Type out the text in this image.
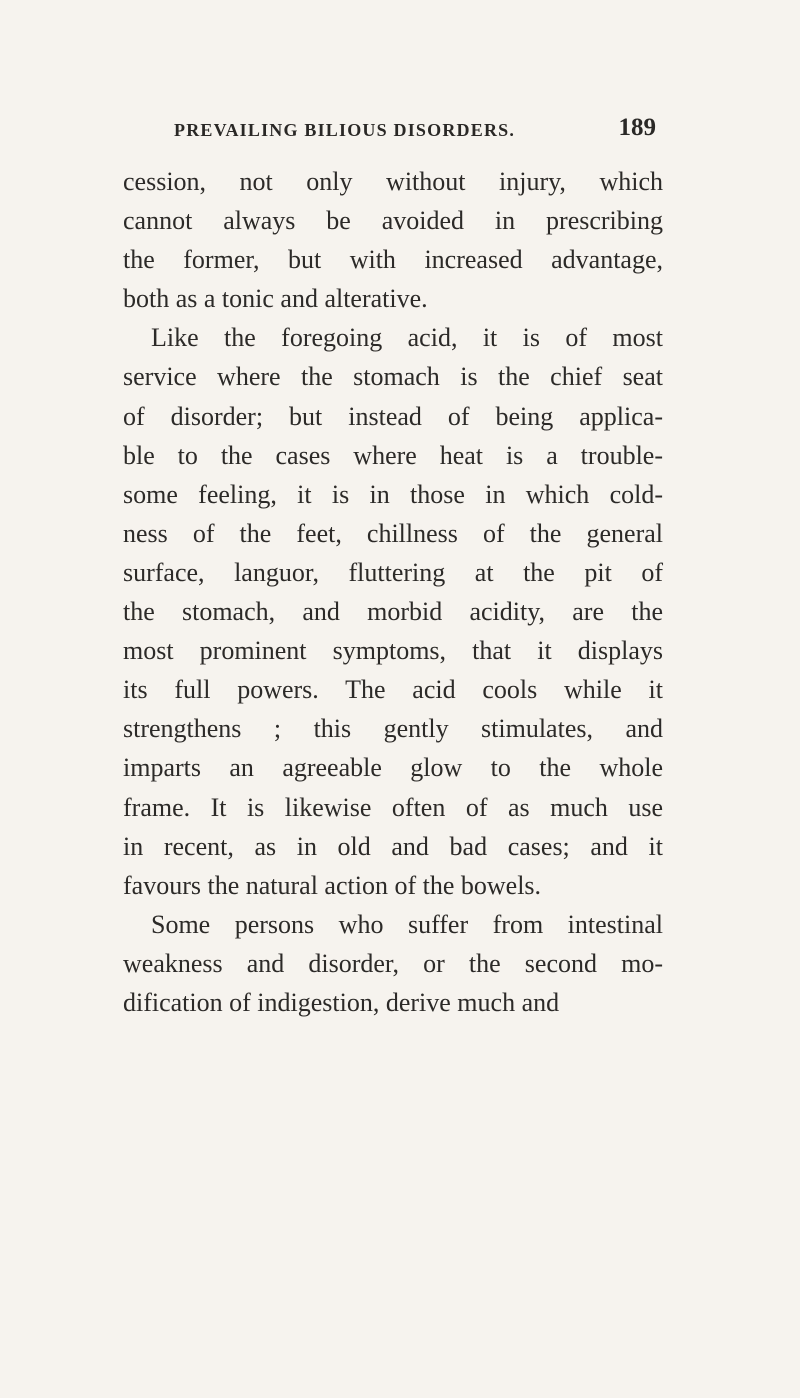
PREVAILING BILIOUS DISORDERS.	189
cession, not only without injury, which
cannot always be avoided in prescribing
the former, but with increased advantage,
both as a tonic and alterative.
Like the foregoing acid, it is of most
service where the stomach is the chief seat
of disorder; but instead of being applica-
ble to the cases where heat is a trouble-
some feeling, it is in those in which cold-
ness of the feet, chillness of the general
surface, languor, fluttering at the pit of
the stomach, and morbid acidity, are the
most prominent symptoms, that it displays
its full powers. The acid cools while it
strengthens ; this gently stimulates, and
imparts an agreeable glow to the whole
frame. It is likewise often of as much use
in recent, as in old and bad cases; and it
favours the natural action of the bowels.
Some persons who suffer from intestinal
weakness and disorder, or the second mo-
dification of indigestion, derive much and
